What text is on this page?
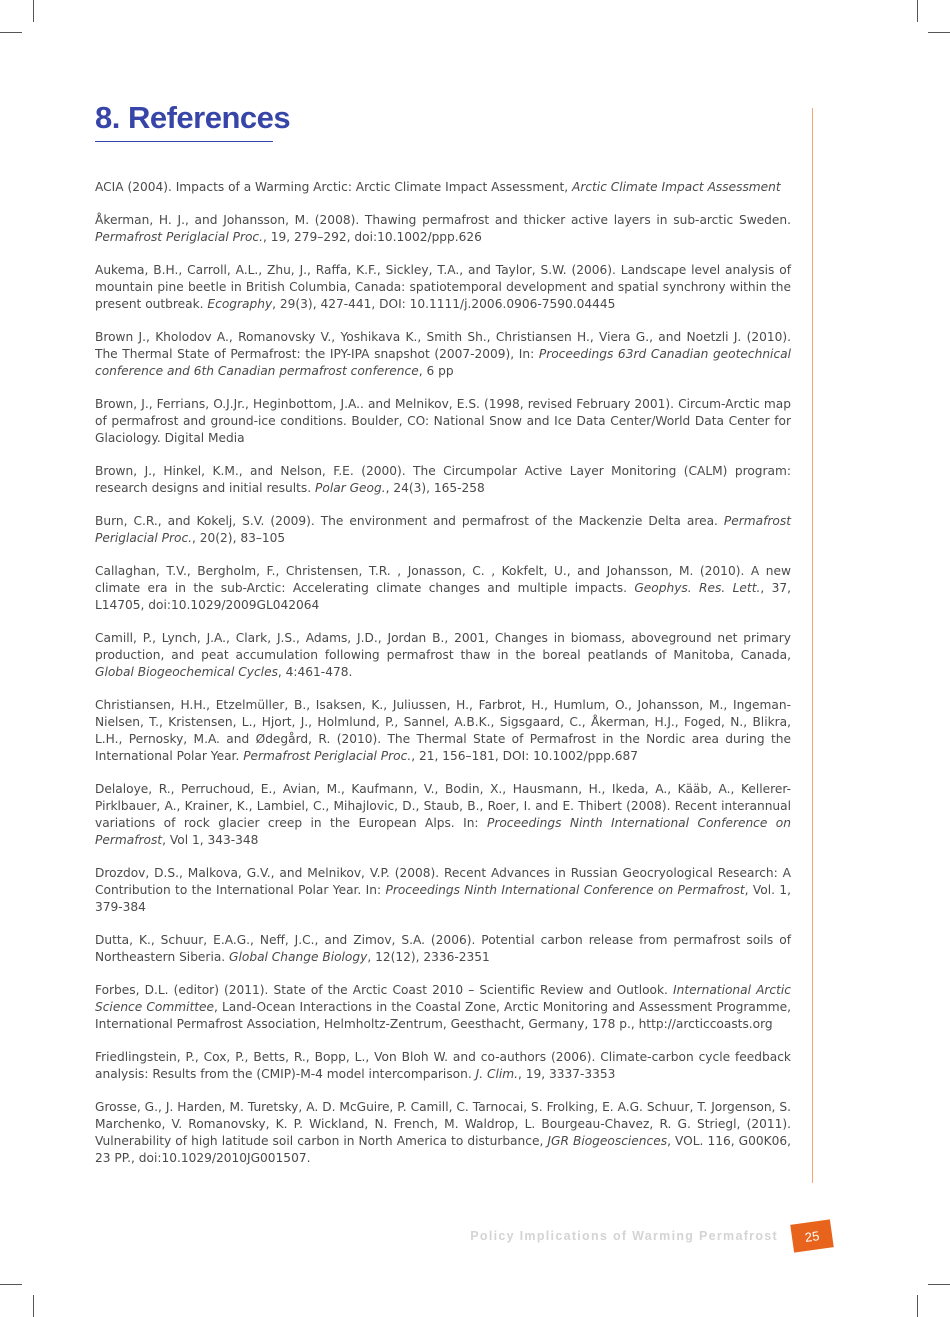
8. References

ACIA (2004). Impacts of a Warming Arctic: Arctic Climate Impact Assessment, Arctic Climate Impact Assessment

Åkerman, H. J., and Johansson, M. (2008). Thawing permafrost and thicker active layers in sub-arctic Sweden. Permafrost Periglacial Proc., 19, 279–292, doi:10.1002/ppp.626

Aukema, B.H., Carroll, A.L., Zhu, J., Raffa, K.F., Sickley, T.A., and Taylor, S.W. (2006). Landscape level analysis of mountain pine beetle in British Columbia, Canada: spatiotemporal development and spatial synchrony within the present outbreak. Ecography, 29(3), 427-441, DOI: 10.1111/j.2006.0906-7590.04445

Brown J., Kholodov A., Romanovsky V., Yoshikava K., Smith Sh., Christiansen H., Viera G., and Noetzli J. (2010). The Thermal State of Permafrost: the IPY-IPA snapshot (2007-2009), In: Proceedings 63rd Canadian geotechnical conference and 6th Canadian permafrost conference, 6 pp

Brown, J., Ferrians, O.J.Jr., Heginbottom, J.A.. and Melnikov, E.S. (1998, revised February 2001). Circum-Arctic map of permafrost and ground-ice conditions. Boulder, CO: National Snow and Ice Data Center/World Data Center for Glaciology. Digital Media

Brown, J., Hinkel, K.M., and Nelson, F.E. (2000). The Circumpolar Active Layer Monitoring (CALM) program: research designs and initial results. Polar Geog., 24(3), 165-258

Burn, C.R., and Kokelj, S.V. (2009). The environment and permafrost of the Mackenzie Delta area. Permafrost Periglacial Proc., 20(2), 83–105

Callaghan, T.V., Bergholm, F., Christensen, T.R. , Jonasson, C. , Kokfelt, U., and Johansson, M. (2010). A new climate era in the sub-Arctic: Accelerating climate changes and multiple impacts. Geophys. Res. Lett., 37, L14705, doi:10.1029/2009GL042064

Camill, P., Lynch, J.A., Clark, J.S., Adams, J.D., Jordan B., 2001, Changes in biomass, aboveground net primary production, and peat accumulation following permafrost thaw in the boreal peatlands of Manitoba, Canada, Global Biogeochemical Cycles, 4:461-478.

Christiansen, H.H., Etzelmüller, B., Isaksen, K., Juliussen, H., Farbrot, H., Humlum, O., Johansson, M., Ingeman-Nielsen, T., Kristensen, L., Hjort, J., Holmlund, P., Sannel, A.B.K., Sigsgaard, C., Åkerman, H.J., Foged, N., Blikra, L.H., Pernosky, M.A. and Ødegård, R. (2010). The Thermal State of Permafrost in the Nordic area during the International Polar Year. Permafrost Periglacial Proc., 21, 156–181, DOI: 10.1002/ppp.687

Delaloye, R., Perruchoud, E., Avian, M., Kaufmann, V., Bodin, X., Hausmann, H., Ikeda, A., Kääb, A., Kellerer-Pirklbauer, A., Krainer, K., Lambiel, C., Mihajlovic, D., Staub, B., Roer, I. and E. Thibert (2008). Recent interannual variations of rock glacier creep in the European Alps. In: Proceedings Ninth International Conference on Permafrost, Vol 1, 343-348

Drozdov, D.S., Malkova, G.V., and Melnikov, V.P. (2008). Recent Advances in Russian Geocryological Research: A Contribution to the International Polar Year. In: Proceedings Ninth International Conference on Permafrost, Vol. 1, 379-384

Dutta, K., Schuur, E.A.G., Neff, J.C., and Zimov, S.A. (2006). Potential carbon release from permafrost soils of Northeastern Siberia. Global Change Biology, 12(12), 2336-2351

Forbes, D.L. (editor) (2011). State of the Arctic Coast 2010 – Scientific Review and Outlook. International Arctic Science Committee, Land-Ocean Interactions in the Coastal Zone, Arctic Monitoring and Assessment Programme, International Permafrost Association, Helmholtz-Zentrum, Geesthacht, Germany, 178 p., http://arcticcoasts.org

Friedlingstein, P., Cox, P., Betts, R., Bopp, L., Von Bloh W. and co-authors (2006). Climate-carbon cycle feedback analysis: Results from the (CMIP)-M-4 model intercomparison. J. Clim., 19, 3337-3353

Grosse, G., J. Harden, M. Turetsky, A. D. McGuire, P. Camill, C. Tarnocai, S. Frolking, E. A.G. Schuur, T. Jorgenson, S. Marchenko, V. Romanovsky, K. P. Wickland, N. French, M. Waldrop, L. Bourgeau-Chavez, R. G. Striegl, (2011). Vulnerability of high latitude soil carbon in North America to disturbance, JGR Biogeosciences, VOL. 116, G00K06, 23 PP., doi:10.1029/2010JG001507.

Policy Implications of Warming Permafrost 25
